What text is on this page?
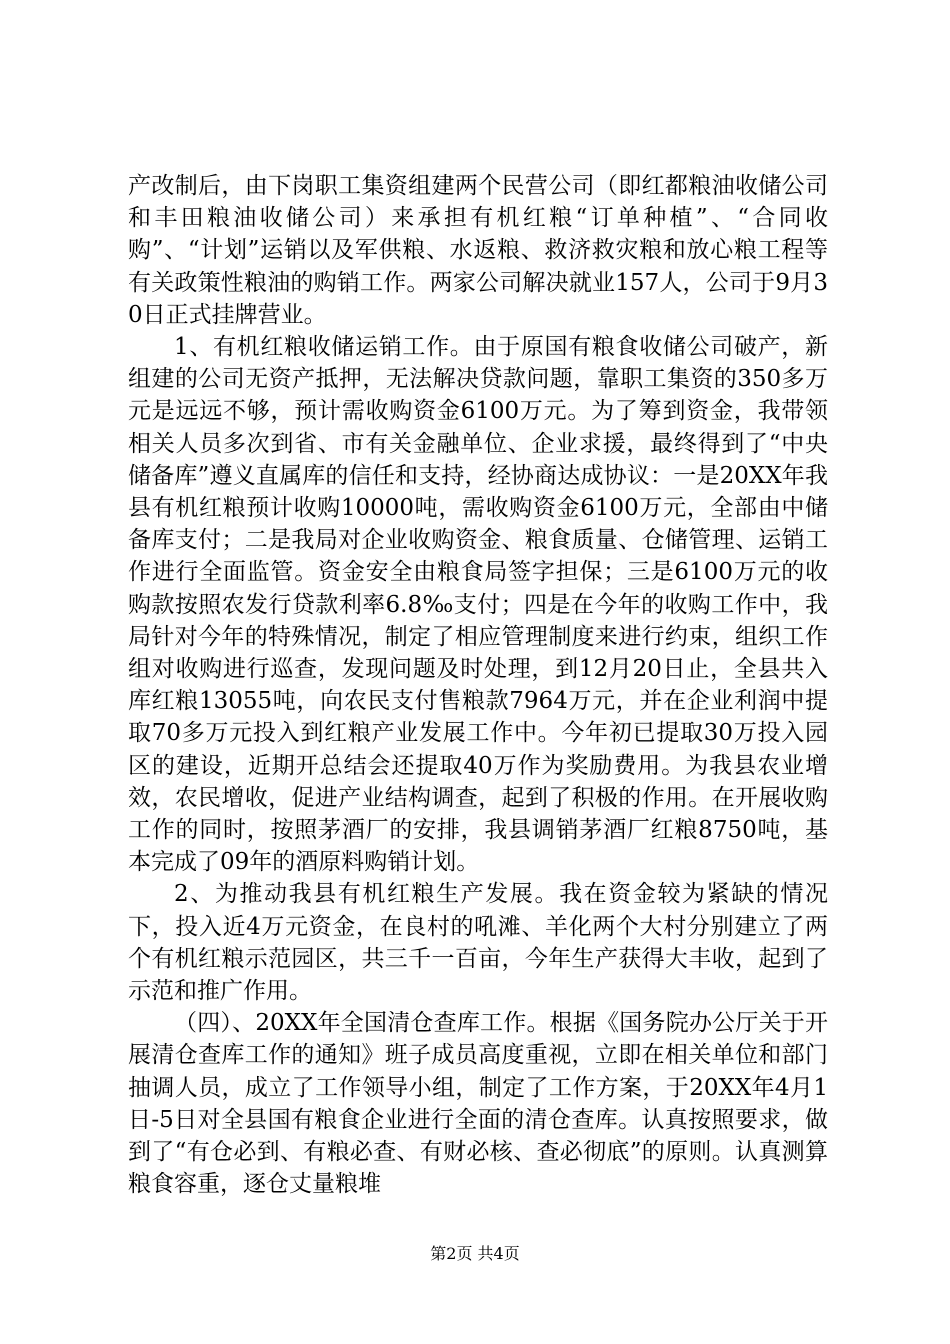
产改制后，由下岗职工集资组建两个民营公司（即红都粮油收储公司和丰田粮油收储公司）来承担有机红粮“订单种植”、“合同收购”、“计划”运销以及军供粮、水返粮、救济救灾粮和放心粮工程等有关政策性粮油的购销工作。两家公司解决就业157人，公司于9月30日正式挂牌营业。

1、有机红粮收储运销工作。由于原国有粮食收储公司破产，新组建的公司无资产抵押，无法解决贷款问题，靠职工集资的350多万元是远远不够，预计需收购资金6100万元。为了筹到资金，我带领相关人员多次到省、市有关金融单位、企业求援，最终得到了“中央储备库”遵义直属库的信任和支持，经协商达成协议：一是20XX年我县有机红粮预计收购10000吨，需收购资金6100万元，全部由中储备库支付；二是我局对企业收购资金、粮食质量、仓储管理、运销工作进行全面监管。资金安全由粮食局签字担保；三是6100万元的收购款按照农发行贷款利率6.8‰支付；四是在今年的收购工作中，我局针对今年的特殊情况，制定了相应管理制度来进行约束，组织工作组对收购进行巡查，发现问题及时处理，到12月20日止，全县共入库红粮13055吨，向农民支付售粮款7964万元，并在企业利润中提取70多万元投入到红粮产业发展工作中。今年初已提取30万投入园区的建设，近期开总结会还提取40万作为奖励费用。为我县农业增效，农民增收，促进产业结构调查，起到了积极的作用。在开展收购工作的同时，按照茅酒厂的安排，我县调销茅酒厂红粮8750吨，基本完成了09年的酒原料购销计划。

2、为推动我县有机红粮生产发展。我在资金较为紧缺的情况下，投入近4万元资金，在良村的吼滩、羊化两个大村分别建立了两个有机红粮示范园区，共三千一百亩，今年生产获得大丰收，起到了示范和推广作用。

（四）、20XX年全国清仓查库工作。根据《国务院办公厅关于开展清仓查库工作的通知》班子成员高度重视，立即在相关单位和部门抽调人员，成立了工作领导小组，制定了工作方案，于20XX年4月1日-5日对全县国有粮食企业进行全面的清仓查库。认真按照要求，做到了“有仓必到、有粮必查、有财必核、查必彻底”的原则。认真测算粮食容重，逐仓丈量粮堆

第2页 共4页
